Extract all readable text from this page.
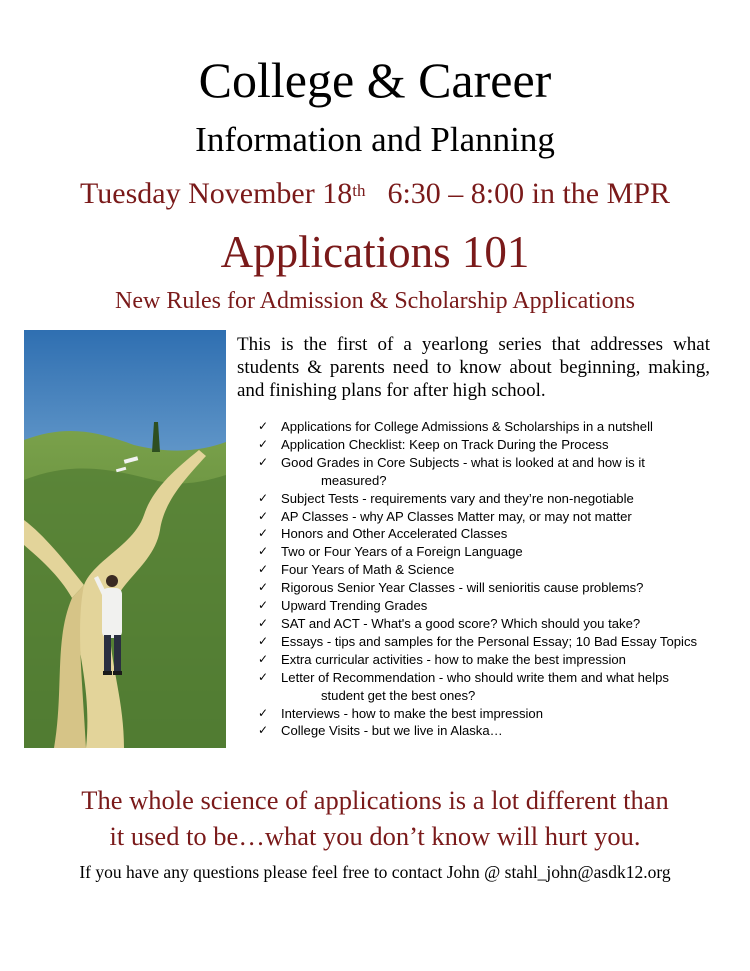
College & Career
Information and Planning
Tuesday November 18th 6:30 – 8:00 in the MPR
Applications 101
New Rules for Admission & Scholarship Applications
This is the first of a yearlong series that addresses what students & parents need to know about beginning, making, and finishing plans for after high school.
✓ Applications for College Admissions & Scholarships in a nutshell
✓ Application Checklist: Keep on Track During the Process
✓ Good Grades in Core Subjects - what is looked at and how is it
measured?
✓ Subject Tests - requirements vary and they’re non-negotiable
✓ AP Classes - why AP Classes Matter may, or may not matter
✓ Honors and Other Accelerated Classes
✓ Two or Four Years of a Foreign Language
✓ Four Years of Math & Science
✓ Rigorous Senior Year Classes - will senioritis cause problems?
✓ Upward Trending Grades
✓ SAT and ACT - What's a good score? Which should you take?
✓ Essays - tips and samples for the Personal Essay; 10 Bad Essay Topics
✓ Extra curricular activities - how to make the best impression
✓ Letter of Recommendation - who should write them and what helps
student get the best ones?
✓ Interviews - how to make the best impression
✓ College Visits - but we live in Alaska…
The whole science of applications is a lot different than
it used to be…what you don’t know will hurt you.
If you have any questions please feel free to contact John @ stahl_john@asdk12.org
